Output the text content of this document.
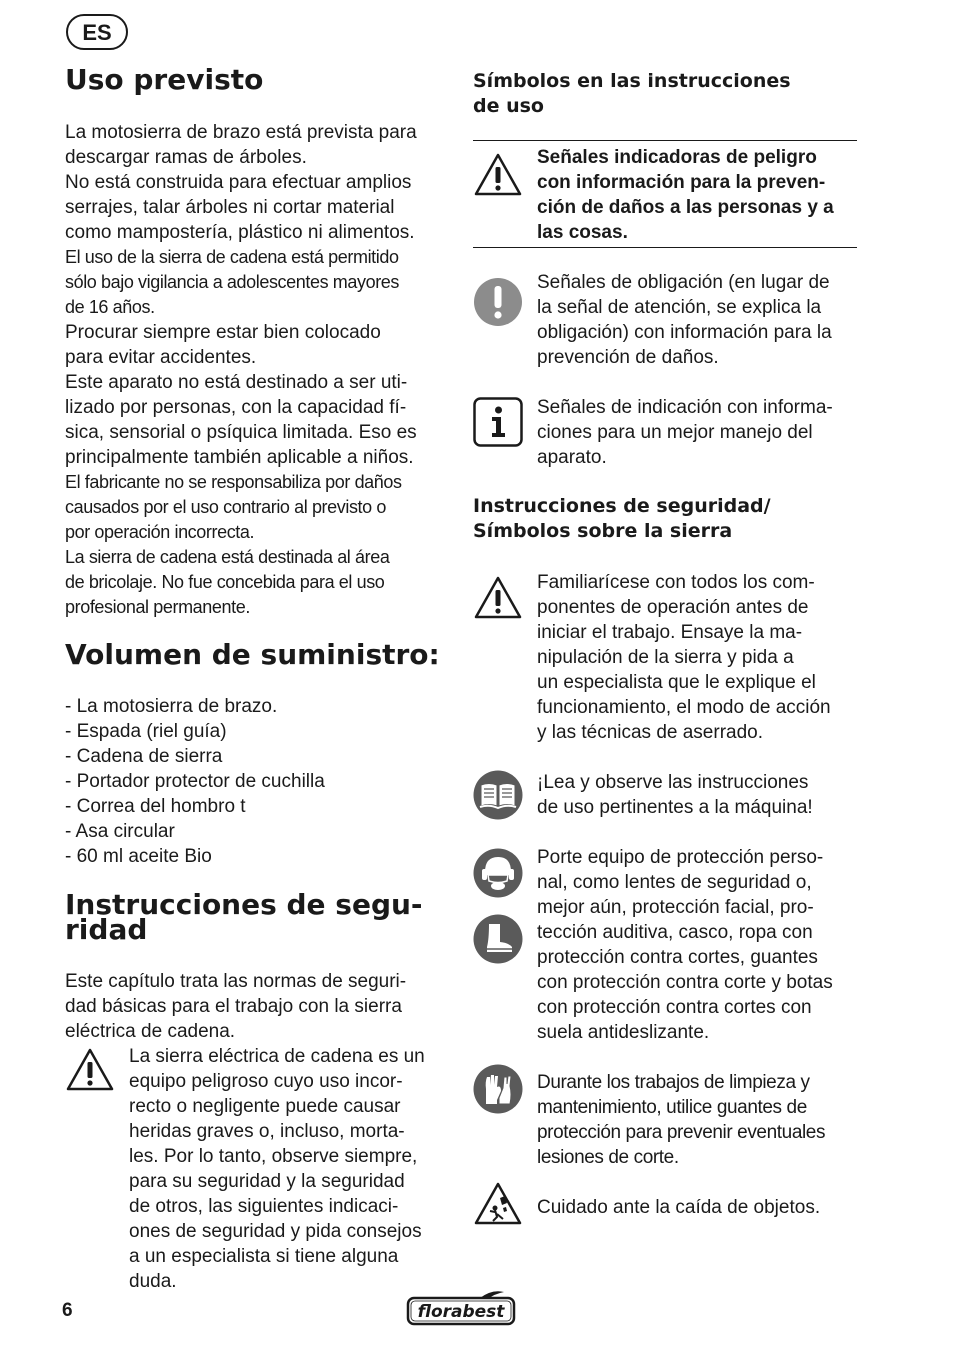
ES
Uso previsto

La motosierra de brazo está prevista para
descargar ramas de árboles.

No está construida para efectuar amplios
serrajes, talar árboles ni cortar material
como mampostería, plástico ni alimentos.

El uso de la sierra de cadena está permitido
sólo bajo vigilancia a adolescentes mayores
de 16 años.

Procurar siempre estar bien colocado
para evitar accidentes.

Este aparato no está destinado a ser uti-
lizado por personas, con la capacidad fí-
sica, sensorial o psíquica limitada. Eso es
principalmente también aplicable a niños.

El fabricante no se responsabiliza por daños
causados por el uso contrario al previsto o
por operación incorrecta.

La sierra de cadena está destinada al área
de bricolaje. No fue concebida para el uso
profesional permanente.

Volumen de suministro:
- La motosierra de brazo.
- Espada (riel guía)
- Cadena de sierra
- Portador protector de cuchilla
- Correa del hombro t
- Asa circular
- 60 ml aceite Bio
Instrucciones de segu-
ridad
Este capítulo trata las normas de seguri-
dad básicas para el trabajo con la sierra
eléctrica de cadena.
La sierra eléctrica de cadena es un
equipo peligroso cuyo uso incor-
recto o negligente puede causar
heridas graves o, incluso, morta-
les. Por lo tanto, observe siempre,
para su seguridad y la seguridad
de otros, las siguientes indicaci-
ones de seguridad y pida consejos
a un especialista si tiene alguna
duda.
Símbolos en las instrucciones
de uso
Señales indicadoras de peligro
con información para la preven-
ción de daños a las personas y a
las cosas.
Señales de obligación (en lugar de
la señal de atención, se explica la
obligación) con información para la
prevención de daños.
Señales de indicación con informa-
ciones para un mejor manejo del
aparato.
Instrucciones de seguridad/
Símbolos sobre la sierra
Familiarícese con todos los com-
ponentes de operación antes de
iniciar el trabajo. Ensaye la ma-
nipulación de la sierra y pida a
un especialista que le explique el
funcionamiento, el modo de acción
y las técnicas de aserrado.
¡Lea y observe las instrucciones
de uso pertinentes a la máquina!
Porte equipo de protección perso-
nal, como lentes de seguridad o,
mejor aún, protección facial, pro-
tección auditiva, casco, ropa con
protección contra cortes, guantes
con protección contra corte y botas
con protección contra cortes con
suela antideslizante.
Durante los trabajos de limpieza y
mantenimiento, utilice guantes de
protección para prevenir eventuales
lesiones de corte.
Cuidado ante la caída de objetos.
6	florabest
